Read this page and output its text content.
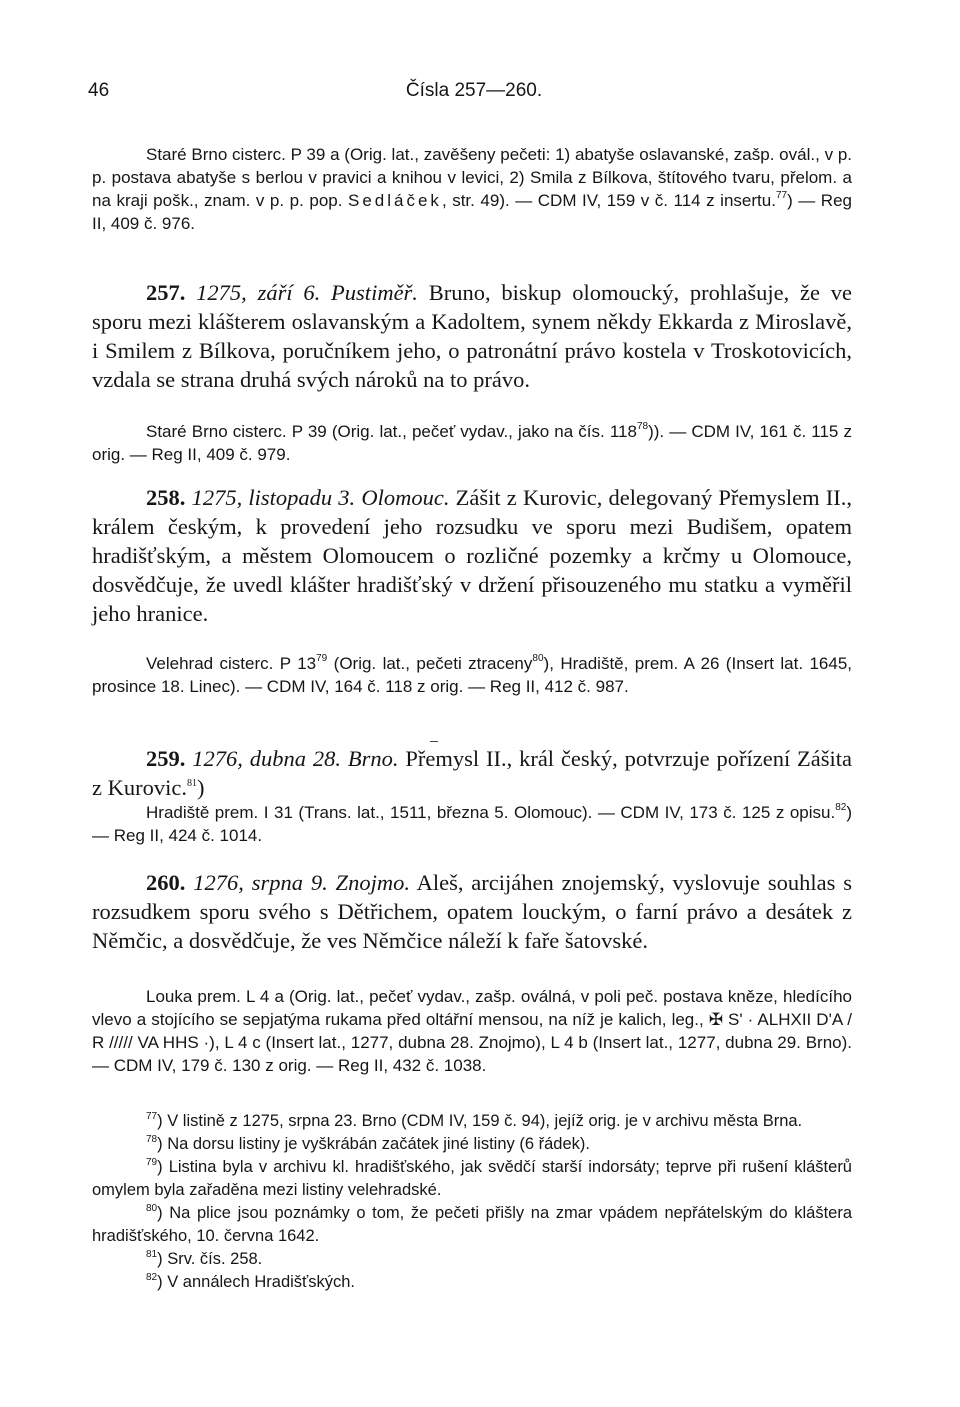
46	Čísla 257—260.

Staré Brno cisterc. P 39 a (Orig. lat., zavěšeny pečeti: 1) abatyše oslavanské, zašp. ovál., v p. p. postava abatyše s berlou v pravici a knihou v levici, 2) Smila z Bílkova, štítového tvaru, přelom. a na kraji pošk., znam. v p. p. pop. Sedláček, str. 49). — CDM IV, 159 v č. 114 z insertu.$^{77}$) — Reg II, 409 č. 976.

257. 1275, září 6. Pustiměř. Bruno, biskup olomoucký, prohlašuje, že ve sporu mezi klášterem oslavanským a Kadoltem, synem někdy Ekkarda z Miroslavě, i Smilem z Bílkova, poručníkem jeho, o patronátní právo kostela v Troskotovicích, vzdala se strana druhá svých nároků na to právo.

Staré Brno cisterc. P 39 (Orig. lat., pečeť vydav., jako na čís. $118^{78}$)). — CDM IV, 161 č. 115 z orig. — Reg II, 409 č. 979.

258. 1275, listopadu 3. Olomouc. Zášit z Kurovic, delegovaný Přemyslem II., králem českým, k provedení jeho rozsudku ve sporu mezi Budišem, opatem hradišťským, a městem Olomoucem o rozličné pozemky a krčmy u Olomouce, dosvědčuje, že uvedl klášter hradišťský v držení přisouzeného mu statku a vyměřil jeho hranice.

Velehrad cisterc. P $13^{79}$ (Orig. lat., pečeti ztraceny$^{80}$), Hradiště, prem. A 26 (Insert lat. 1645, prosince 18. Linec). — CDM IV, 164 č. 118 z orig. — Reg II, 412 č. 987.

259. 1276, dubna 28. Brno. Přemysl II., král český, potvrzuje pořízení Zášita z Kurovic.$^{81}$)

Hradiště prem. I 31 (Trans. lat., 1511, března 5. Olomouc). — CDM IV, 173 č. 125 z opisu.$^{82}$) — Reg II, 424 č. 1014.

260. 1276, srpna 9. Znojmo. Aleš, arcijáhen znojemský, vyslovuje souhlas s rozsudkem sporu svého s Dětřichem, opatem louckým, o farní právo a desátek z Němčic, a dosvědčuje, že ves Němčice náleží k faře šatovské.

Louka prem. L 4 a (Orig. lat., pečeť vydav., zašp. oválná, v poli peč. postava kněze, hledícího vlevo a stojícího se sepjatýma rukama před oltářní mensou, na níž je kalich, leg., ✠ S' · ALHXII D'A / R ///// VA HHS ·), L 4 c (Insert lat., 1277, dubna 28. Znojmo), L 4 b (Insert lat., 1277, dubna 29. Brno). — CDM IV, 179 č. 130 z orig. — Reg II, 432 č. 1038.

$^{77}$) V listině z 1275, srpna 23. Brno (CDM IV, 159 č. 94), jejíž orig. je v archivu města Brna.
$^{78}$) Na dorsu listiny je vyškrábán začátek jiné listiny (6 řádek).
$^{79}$) Listina byla v archivu kl. hradišťského, jak svědčí starší indorsáty; teprve při rušení klášterů omylem byla zařaděna mezi listiny velehradské.
$^{80}$) Na plice jsou poznámky o tom, že pečeti přišly na zmar vpádem nepřátelským do kláštera hradišťského, 10. června 1642.
$^{81}$) Srv. čís. 258.
$^{82}$) V annálech Hradišťských.
